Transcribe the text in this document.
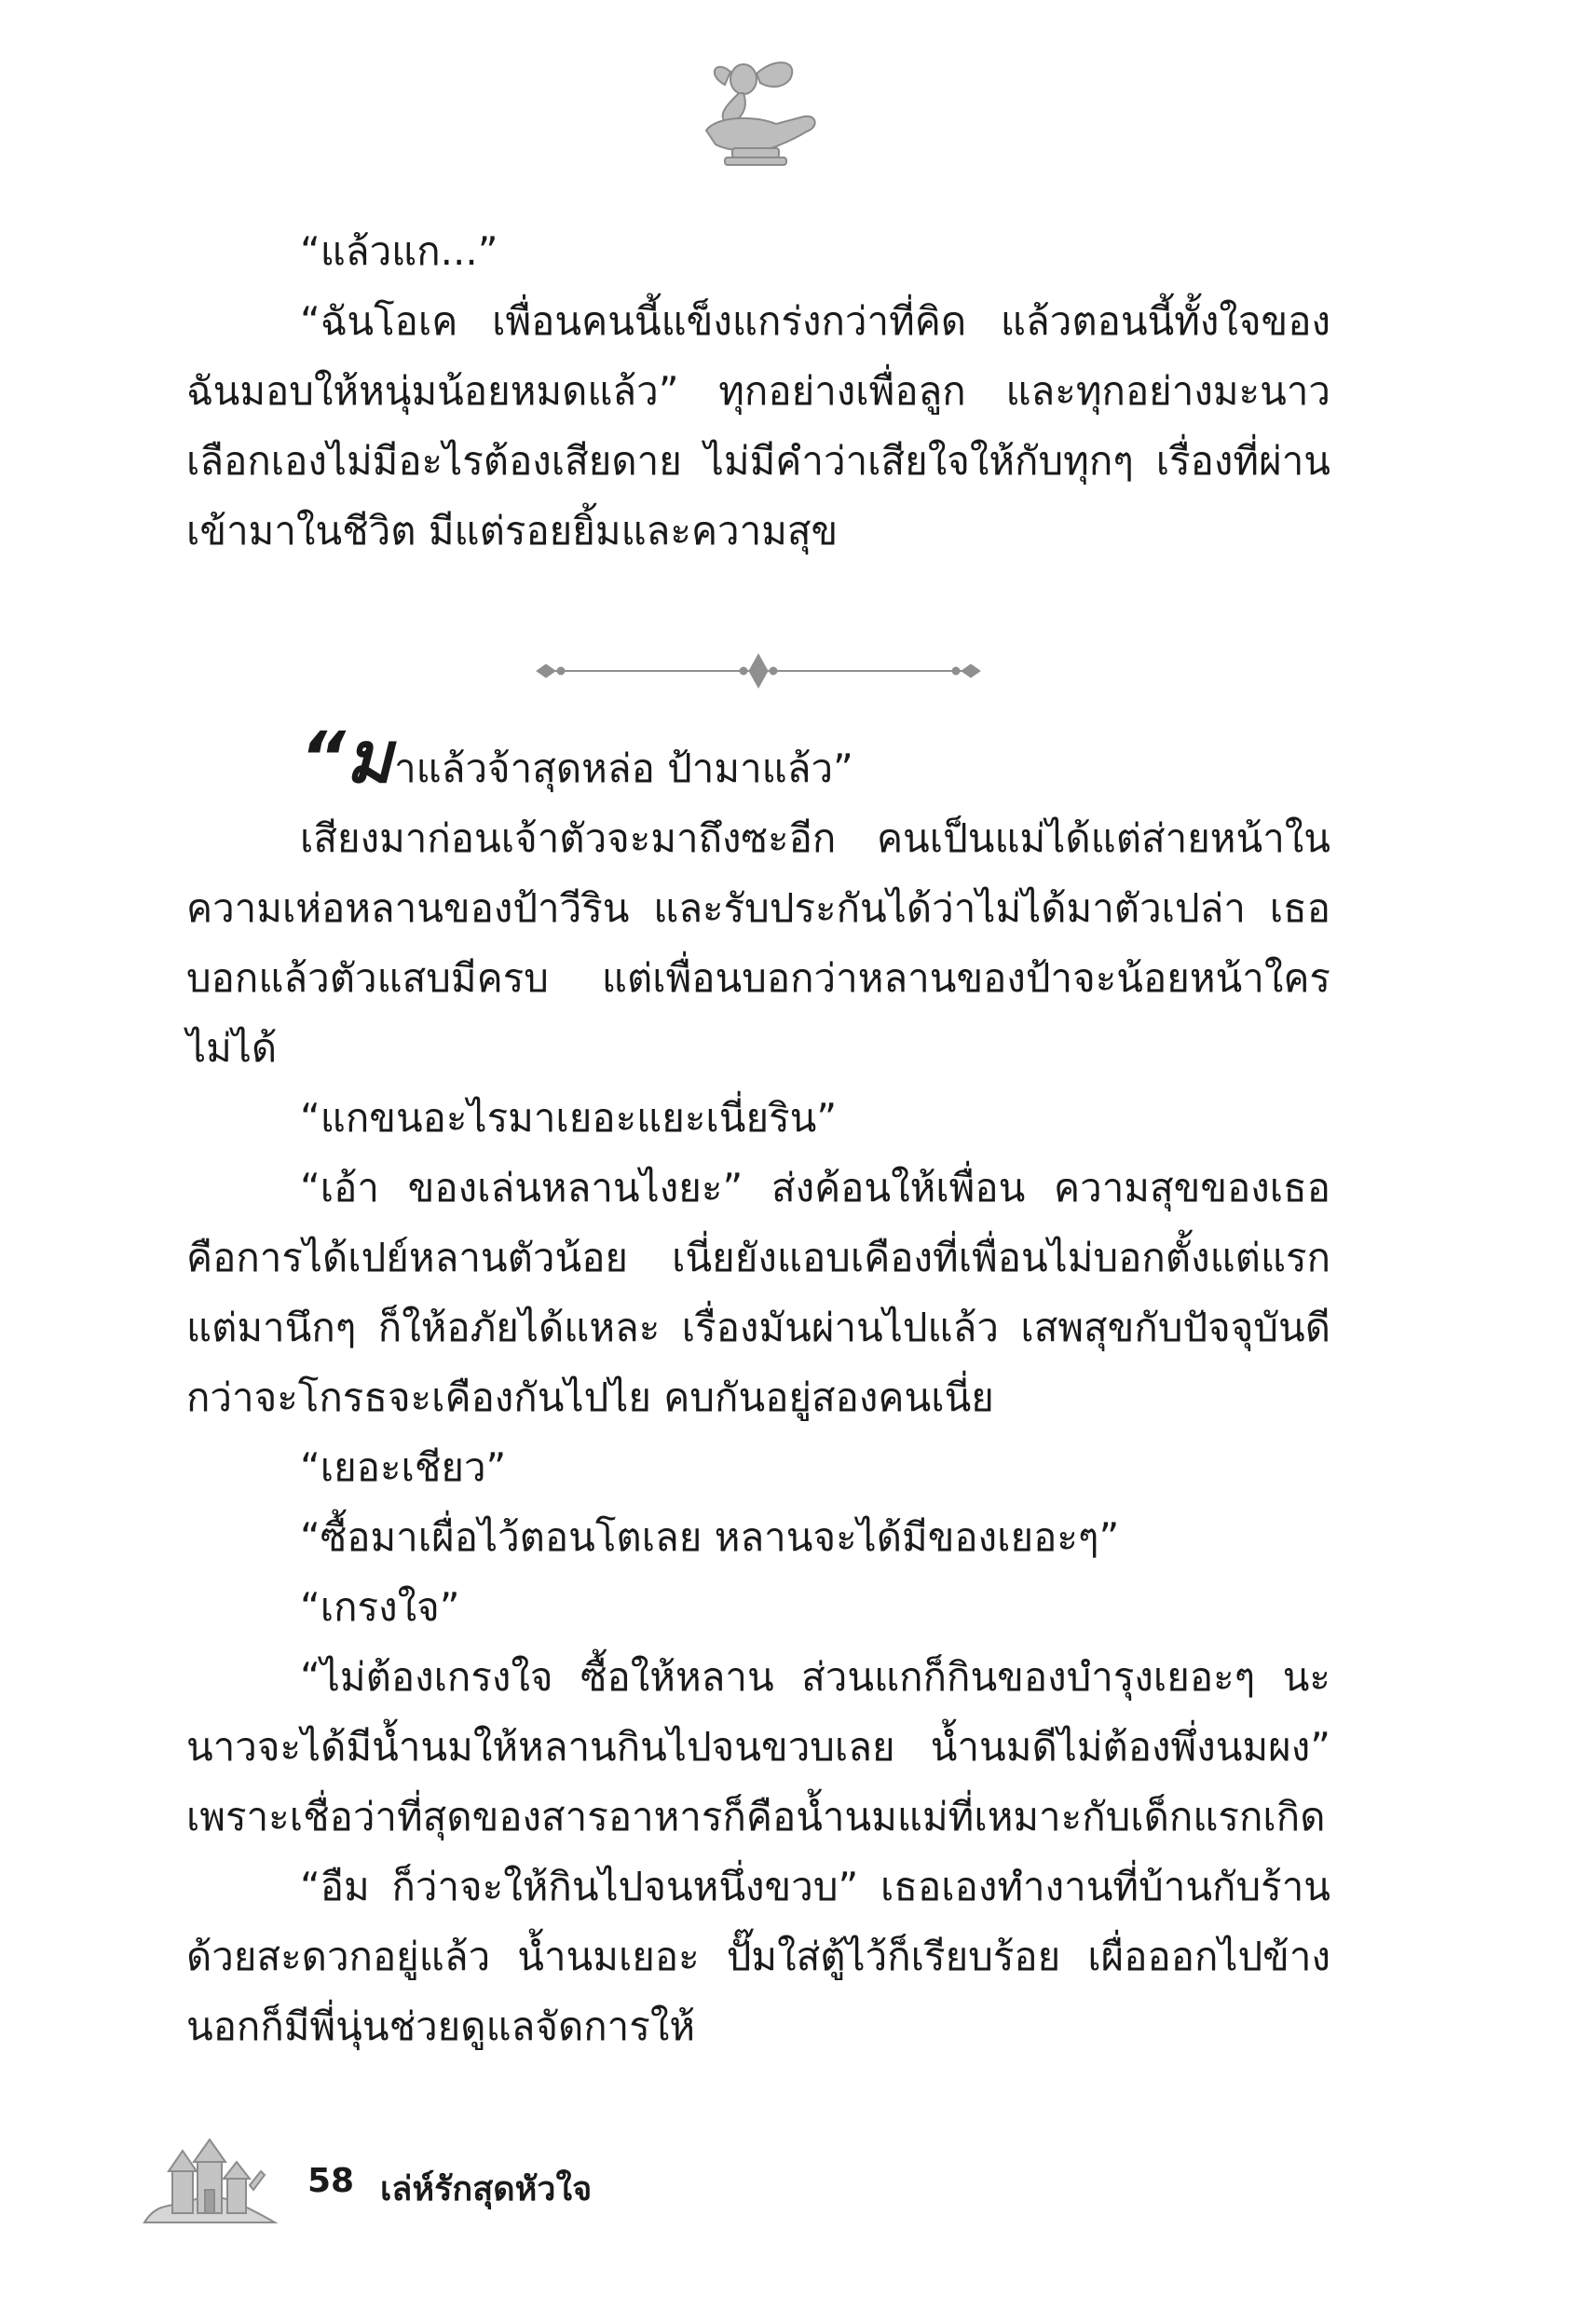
“แล้วแก...”

“ฉันโอเค เพื่อนคนนี้แข็งแกร่งกว่าที่คิด แล้วตอนนี้ทั้งใจของฉันมอบให้หนุ่มน้อยหมดแล้ว” ทุกอย่างเพื่อลูก และทุกอย่างมะนาวเลือกเองไม่มีอะไรต้องเสียดาย ไม่มีคำว่าเสียใจให้กับทุกๆ เรื่องที่ผ่านเข้ามาในชีวิต มีแต่รอยยิ้มและความสุข

“มาแล้วจ้าสุดหล่อ ป้ามาแล้ว”

เสียงมาก่อนเจ้าตัวจะมาถึงซะอีก คนเป็นแม่ได้แต่ส่ายหน้าในความเห่อหลานของป้าวีริน และรับประกันได้ว่าไม่ได้มาตัวเปล่า เธอบอกแล้วตัวแสบมีครบ แต่เพื่อนบอกว่าหลานของป้าจะน้อยหน้าใครไม่ได้

“แกขนอะไรมาเยอะแยะเนี่ยริน”

“เอ้า ของเล่นหลานไงยะ” ส่งค้อนให้เพื่อน ความสุขของเธอคือการได้เปย์หลานตัวน้อย เนี่ยยังแอบเคืองที่เพื่อนไม่บอกตั้งแต่แรก แต่มานึกๆ ก็ให้อภัยได้แหละ เรื่องมันผ่านไปแล้ว เสพสุขกับปัจจุบันดีกว่าจะโกรธจะเคืองกันไปไย คบกันอยู่สองคนเนี่ย

“เยอะเชียว”

“ซื้อมาเผื่อไว้ตอนโตเลย หลานจะได้มีของเยอะๆ”

“เกรงใจ”

“ไม่ต้องเกรงใจ ซื้อให้หลาน ส่วนแกก็กินของบำรุงเยอะๆ นะนาวจะได้มีน้ำนมให้หลานกินไปจนขวบเลย น้ำนมดีไม่ต้องพึ่งนมผง” เพราะเชื่อว่าที่สุดของสารอาหารก็คือน้ำนมแม่ที่เหมาะกับเด็กแรกเกิด

“อืม ก็ว่าจะให้กินไปจนหนึ่งขวบ” เธอเองทำงานที่บ้านกับร้านด้วยสะดวกอยู่แล้ว น้ำนมเยอะ ปั๊มใส่ตู้ไว้ก็เรียบร้อย เผื่อออกไปข้างนอกก็มีพี่นุ่นช่วยดูแลจัดการให้

58 เล่ห์รักสุดหัวใจ
